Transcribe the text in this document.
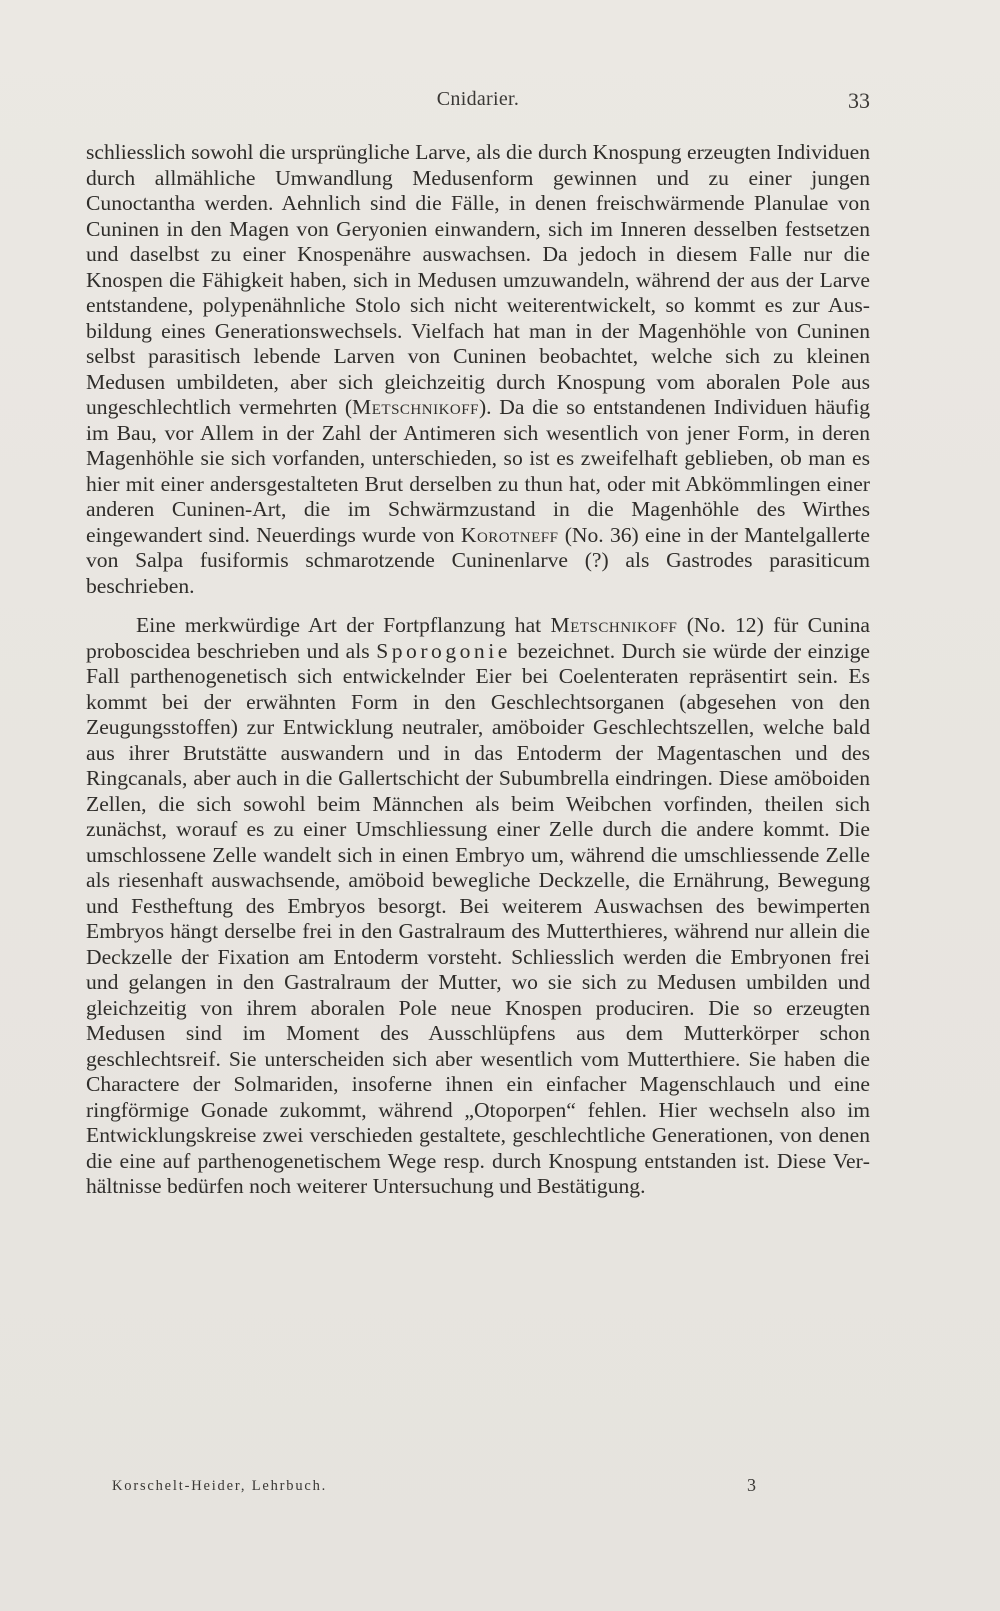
Cnidarier.	33

schliesslich sowohl die ursprüngliche Larve, als die durch Knospung erzeugten Individuen durch allmähliche Umwandlung Medusenform gewinnen und zu einer jungen Cunoctantha werden. Aehnlich sind die Fälle, in denen freischwärmende Planulae von Cuninen in den Magen von Geryonien einwandern, sich im Inneren desselben festsetzen und daselbst zu einer Knospenähre auswachsen. Da jedoch in diesem Falle nur die Knospen die Fähigkeit haben, sich in Medusen umzuwandeln, während der aus der Larve entstandene, polypenähnliche Stolo sich nicht weiterentwickelt, so kommt es zur Ausbildung eines Generationswechsels. Vielfach hat man in der Magenhöhle von Cuninen selbst parasitisch lebende Larven von Cuninen beobachtet, welche sich zu kleinen Medusen umbildeten, aber sich gleichzeitig durch Knospung vom aboralen Pole aus ungeschlechtlich vermehrten (Metschnikoff). Da die so entstandenen Individuen häufig im Bau, vor Allem in der Zahl der Antimeren sich wesentlich von jener Form, in deren Magenhöhle sie sich vorfanden, unterschieden, so ist es zweifelhaft geblieben, ob man es hier mit einer andersgestalteten Brut derselben zu thun hat, oder mit Abkömmlingen einer anderen Cuninen-Art, die im Schwärmzustand in die Magenhöhle des Wirthes eingewandert sind. Neuerdings wurde von Korotneff (No. 36) eine in der Mantelgallerte von Salpa fusiformis schmarotzende Cuninenlarve (?) als Gastrodes parasiticum beschrieben.

Eine merkwürdige Art der Fortpflanzung hat Metschnikoff (No. 12) für Cunina proboscidea beschrieben und als Sporogonie bezeichnet. Durch sie würde der einzige Fall parthenogenetisch sich entwickelnder Eier bei Coelenteraten repräsentirt sein. Es kommt bei der erwähnten Form in den Geschlechtsorganen (abgesehen von den Zeugungsstoffen) zur Entwicklung neutraler, amöboider Geschlechtszellen, welche bald aus ihrer Brutstätte auswandern und in das Entoderm der Magentaschen und des Ringcanals, aber auch in die Gallertschicht der Subumbrella eindringen. Diese amöboiden Zellen, die sich sowohl beim Männchen als beim Weibchen vorfinden, theilen sich zunächst, worauf es zu einer Umschliessung einer Zelle durch die andere kommt. Die umschlossene Zelle wandelt sich in einen Embryo um, während die umschliessende Zelle als riesenhaft auswachsende, amöboid bewegliche Deckzelle, die Ernährung, Bewegung und Festheftung des Embryos besorgt. Bei weiterem Auswachsen des bewimperten Embryos hängt derselbe frei in den Gastralraum des Mutterthieres, während nur allein die Deckzelle der Fixation am Entoderm vorsteht. Schliesslich werden die Embryonen frei und gelangen in den Gastralraum der Mutter, wo sie sich zu Medusen umbilden und gleichzeitig von ihrem aboralen Pole neue Knospen produciren. Die so erzeugten Medusen sind im Moment des Ausschlüpfens aus dem Mutterkörper schon geschlechtsreif. Sie unterscheiden sich aber wesentlich vom Mutterthiere. Sie haben die Charactere der Solmariden, insoferne ihnen ein einfacher Magenschlauch und eine ringförmige Gonade zukommt, während „Otoporpen“ fehlen. Hier wechseln also im Entwicklungskreise zwei verschieden gestaltete, geschlechtliche Generationen, von denen die eine auf parthenogenetischem Wege resp. durch Knospung entstanden ist. Diese Verhältnisse bedürfen noch weiterer Untersuchung und Bestätigung.

Korschelt-Heider, Lehrbuch.	3
